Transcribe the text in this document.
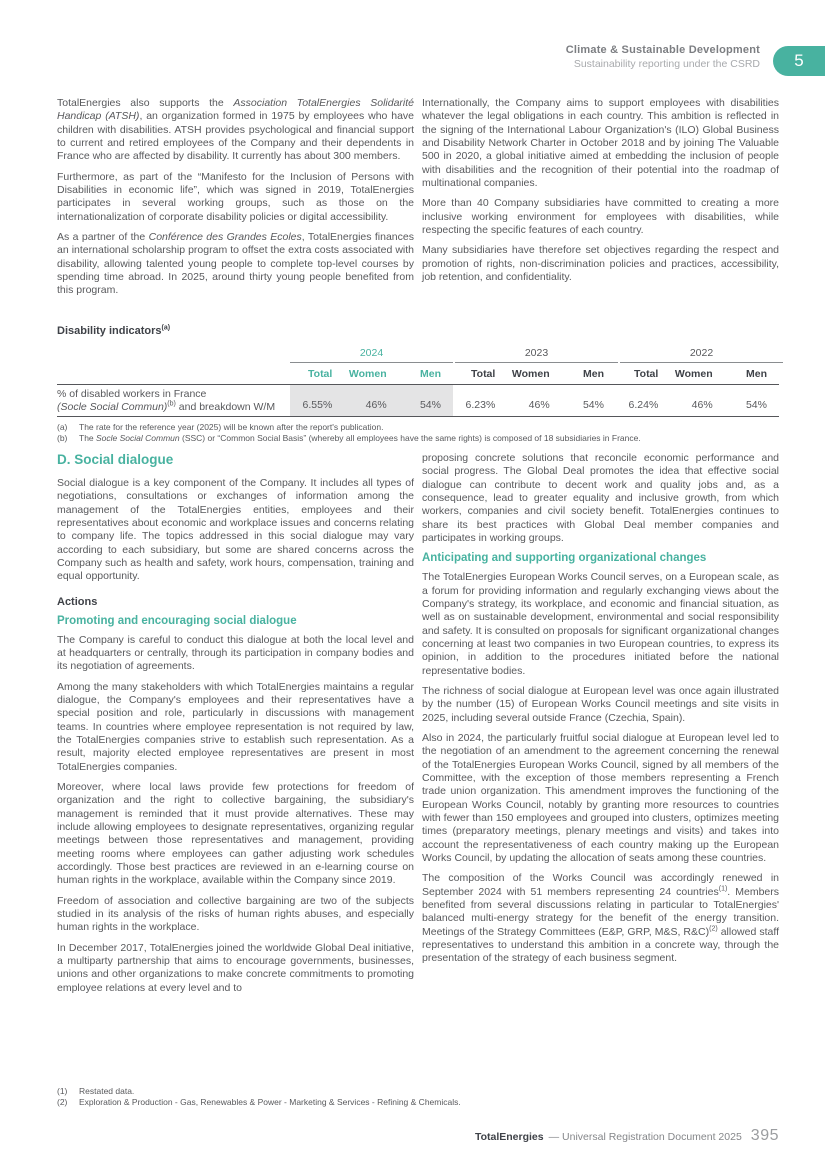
Climate & Sustainable Development
Sustainability reporting under the CSRD 5

TotalEnergies also supports the Association TotalEnergies Solidarité Handicap (ATSH), an organization formed in 1975 by employees who have children with disabilities. ATSH provides psychological and financial support to current and retired employees of the Company and their dependents in France who are affected by disability. It currently has about 300 members.

Furthermore, as part of the “Manifesto for the Inclusion of Persons with Disabilities in economic life”, which was signed in 2019, TotalEnergies participates in several working groups, such as those on the internationalization of corporate disability policies or digital accessibility.

As a partner of the Conférence des Grandes Ecoles, TotalEnergies finances an international scholarship program to offset the extra costs associated with disability, allowing talented young people to complete top-level courses by spending time abroad. In 2025, around thirty young people benefited from this program.

Internationally, the Company aims to support employees with disabilities whatever the legal obligations in each country. This ambition is reflected in the signing of the International Labour Organization's (ILO) Global Business and Disability Network Charter in October 2018 and by joining The Valuable 500 in 2020, a global initiative aimed at embedding the inclusion of people with disabilities and the recognition of their potential into the roadmap of multinational companies.

More than 40 Company subsidiaries have committed to creating a more inclusive working environment for employees with disabilities, while respecting the specific features of each country.

Many subsidiaries have therefore set objectives regarding the respect and promotion of rights, non-discrimination policies and practices, accessibility, job retention, and confidentiality.

Disability indicators$^{(a)}$
2024	2023	2022
Total	Women	Men	Total	Women	Men	Total	Women	Men
% of disabled workers in France
(Socle Social Commun)$^{(b)}$ and breakdown W/M	6.55%	46%	54%	6.23%	46%	54%	6.24%	46%	54%
(a)	The rate for the reference year (2025) will be known after the report's publication.
(b)	The Socle Social Commun (SSC) or “Common Social Basis” (whereby all employees have the same rights) is composed of 18 subsidiaries in France.
D. Social dialogue

Social dialogue is a key component of the Company. It includes all types of negotiations, consultations or exchanges of information among the management of the TotalEnergies entities, employees and their representatives about economic and workplace issues and concerns relating to company life. The topics addressed in this social dialogue may vary according to each subsidiary, but some are shared concerns across the Company such as health and safety, work hours, compensation, training and equal opportunity.

Actions
Promoting and encouraging social dialogue

The Company is careful to conduct this dialogue at both the local level and at headquarters or centrally, through its participation in company bodies and its negotiation of agreements.

Among the many stakeholders with which TotalEnergies maintains a regular dialogue, the Company's employees and their representatives have a special position and role, particularly in discussions with management teams. In countries where employee representation is not required by law, the TotalEnergies companies strive to establish such representation. As a result, majority elected employee representatives are present in most TotalEnergies companies.

Moreover, where local laws provide few protections for freedom of organization and the right to collective bargaining, the subsidiary's management is reminded that it must provide alternatives. These may include allowing employees to designate representatives, organizing regular meetings between those representatives and management, providing meeting rooms where employees can gather adjusting work schedules accordingly. Those best practices are reviewed in an e-learning course on human rights in the workplace, available within the Company since 2019.

Freedom of association and collective bargaining are two of the subjects studied in its analysis of the risks of human rights abuses, and especially human rights in the workplace.

In December 2017, TotalEnergies joined the worldwide Global Deal initiative, a multiparty partnership that aims to encourage governments, businesses, unions and other organizations to make concrete commitments to promoting employee relations at every level and to

proposing concrete solutions that reconcile economic performance and social progress. The Global Deal promotes the idea that effective social dialogue can contribute to decent work and quality jobs and, as a consequence, lead to greater equality and inclusive growth, from which workers, companies and civil society benefit. TotalEnergies continues to share its best practices with Global Deal member companies and participates in working groups.

Anticipating and supporting organizational changes

The TotalEnergies European Works Council serves, on a European scale, as a forum for providing information and regularly exchanging views about the Company's strategy, its workplace, and economic and financial situation, as well as on sustainable development, environmental and social responsibility and safety. It is consulted on proposals for significant organizational changes concerning at least two companies in two European countries, to express its opinion, in addition to the procedures initiated before the national representative bodies.

The richness of social dialogue at European level was once again illustrated by the number (15) of European Works Council meetings and site visits in 2025, including several outside France (Czechia, Spain).

Also in 2024, the particularly fruitful social dialogue at European level led to the negotiation of an amendment to the agreement concerning the renewal of the TotalEnergies European Works Council, signed by all members of the Committee, with the exception of those members representing a French trade union organization. This amendment improves the functioning of the European Works Council, notably by granting more resources to countries with fewer than 150 employees and grouped into clusters, optimizes meeting times (preparatory meetings, plenary meetings and visits) and takes into account the representativeness of each country making up the European Works Council, by updating the allocation of seats among these countries.

The composition of the Works Council was accordingly renewed in September 2024 with 51 members representing 24 countries$^{(1)}$. Members benefited from several discussions relating in particular to TotalEnergies' balanced multi-energy strategy for the benefit of the energy transition. Meetings of the Strategy Committees (E&P, GRP, M&S, R&C)$^{(2)}$ allowed staff representatives to understand this ambition in a concrete way, through the presentation of the strategy of each business segment.

(1)	Restated data.
(2)	Exploration & Production - Gas, Renewables & Power - Marketing & Services - Refining & Chemicals.
TotalEnergies — Universal Registration Document 2025 395
